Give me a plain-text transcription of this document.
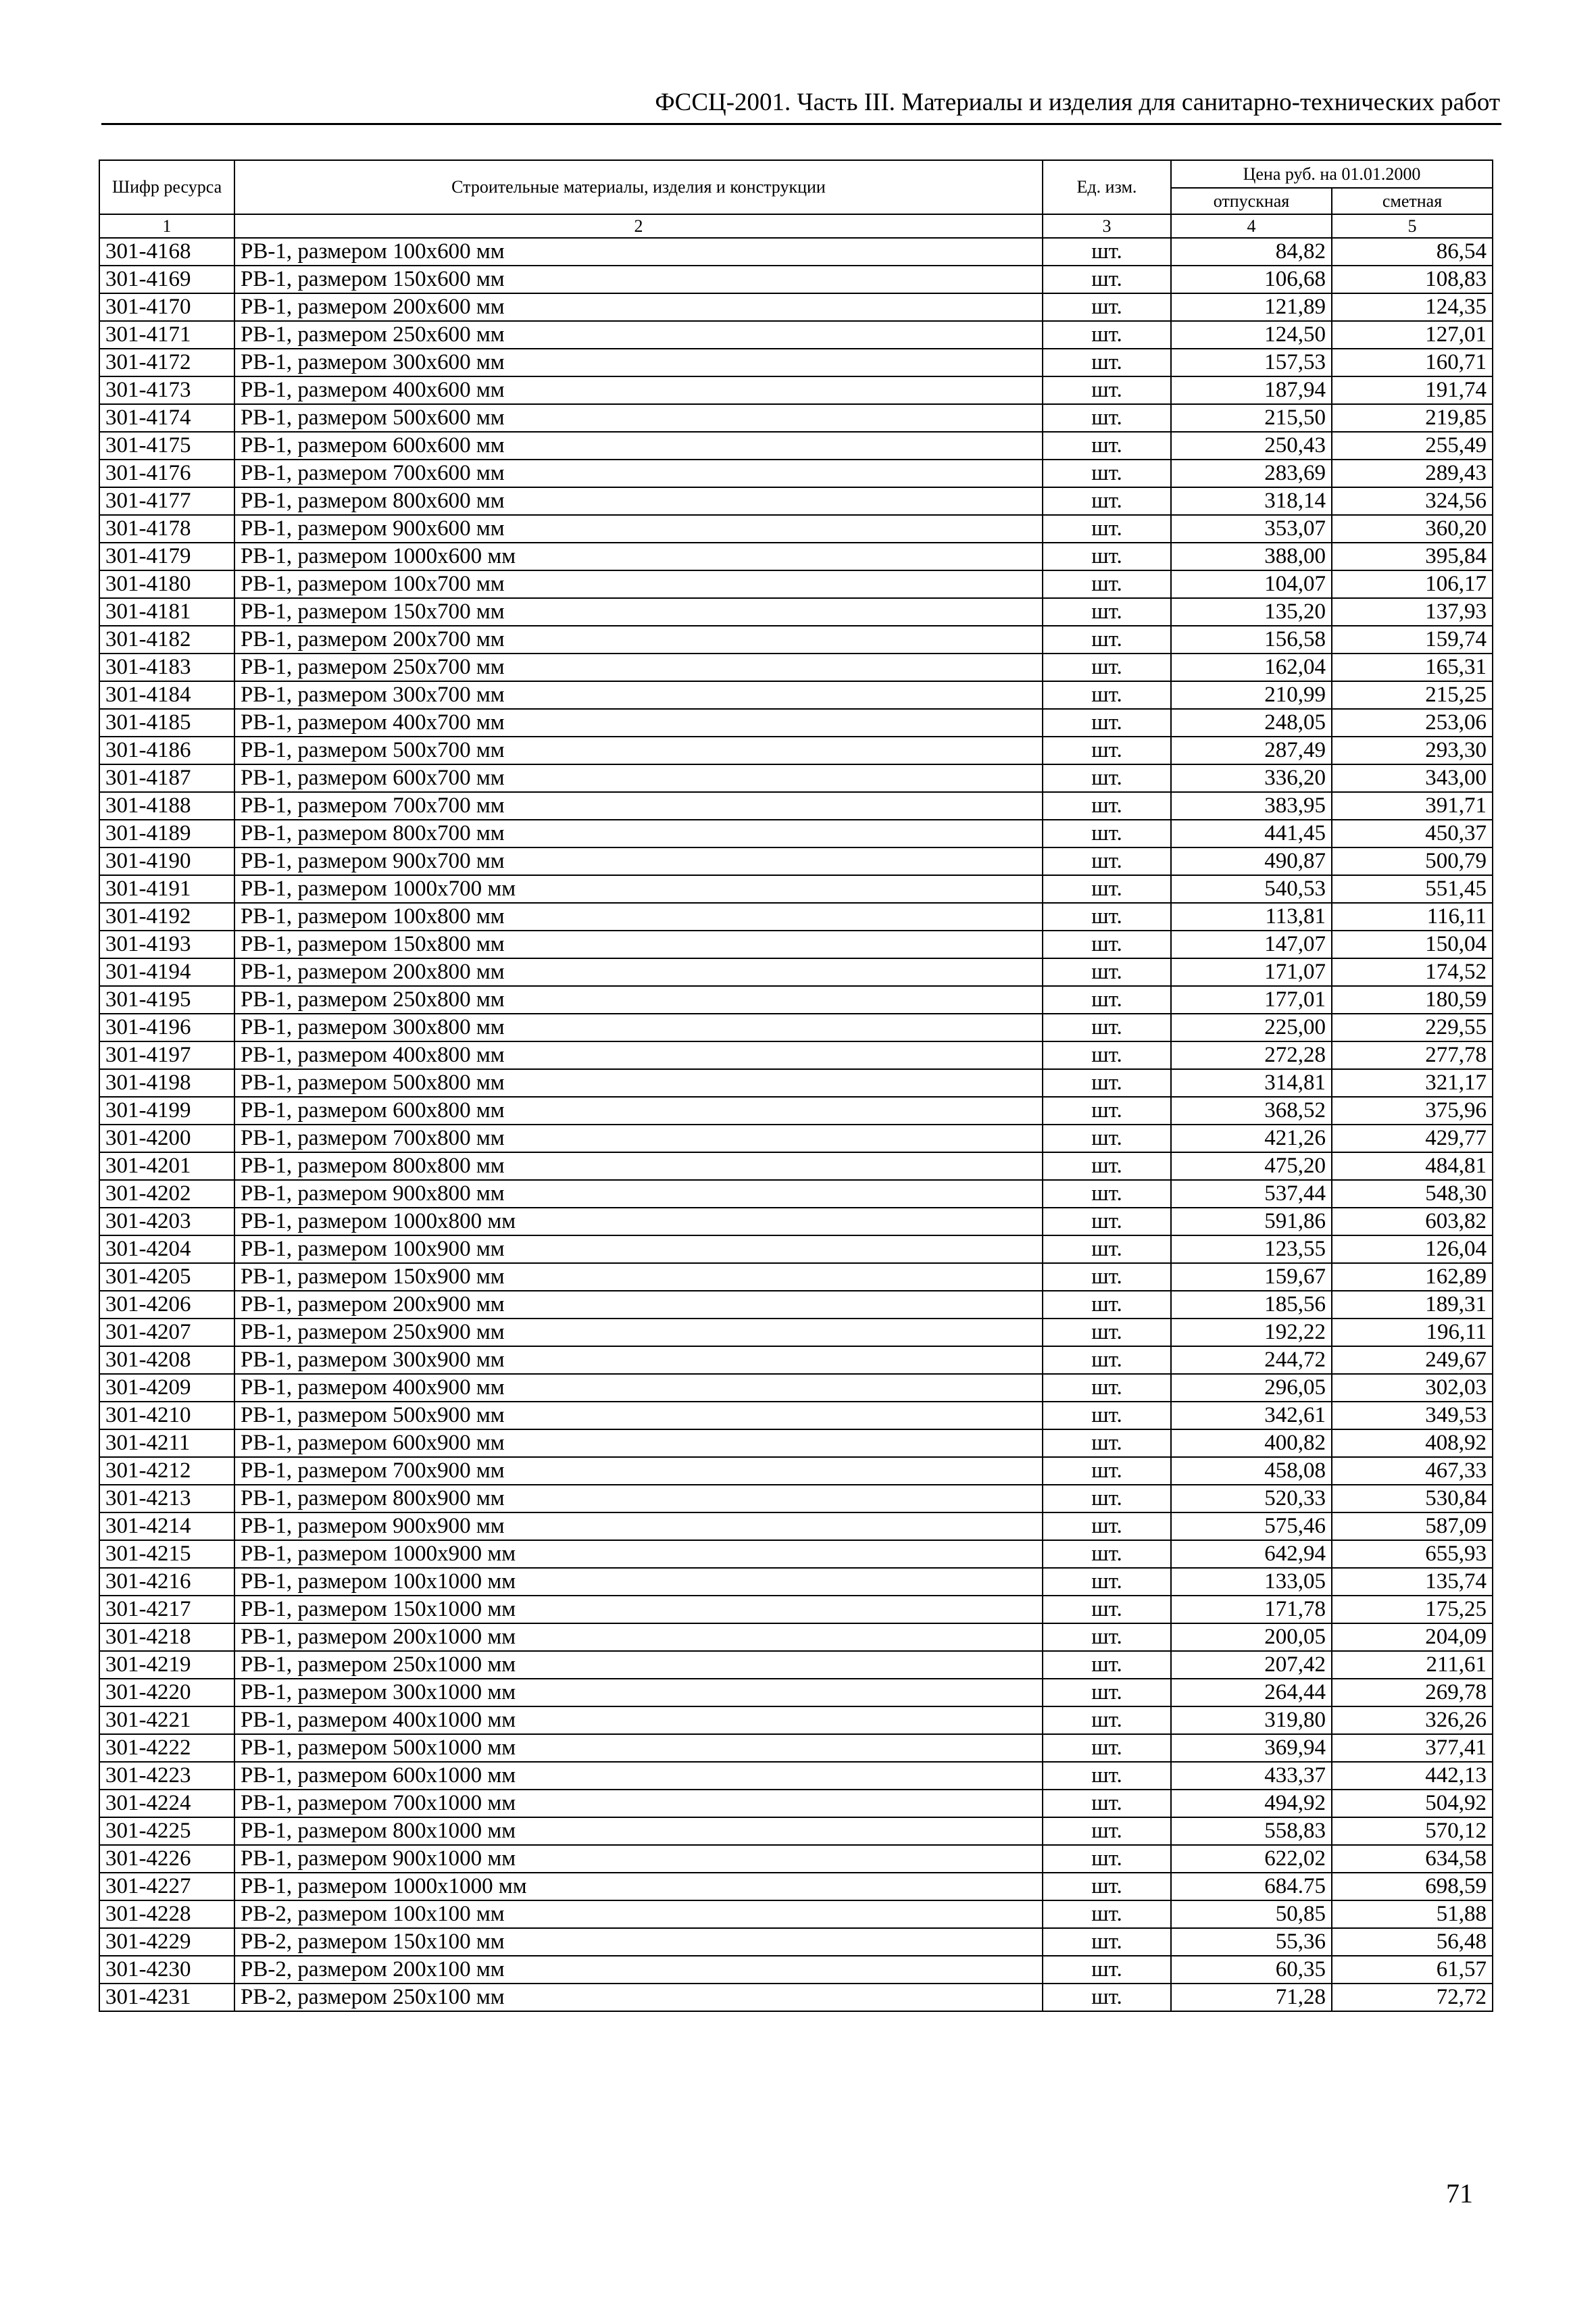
ФССЦ-2001. Часть III. Материалы и изделия для санитарно-технических работ
Шифр ресурса	Строительные материалы, изделия и конструкции	Ед. изм.	Цена руб. на 01.01.2000	
			отпускная	сметная
1	2	3	4	5
301-4168	РВ-1, размером 100x600 мм	шт.	84,82	86,54
301-4169	РВ-1, размером 150x600 мм	шт.	106,68	108,83
301-4170	РВ-1, размером 200x600 мм	шт.	121,89	124,35
301-4171	РВ-1, размером 250x600 мм	шт.	124,50	127,01
301-4172	РВ-1, размером 300x600 мм	шт.	157,53	160,71
301-4173	РВ-1, размером 400x600 мм	шт.	187,94	191,74
301-4174	РВ-1, размером 500x600 мм	шт.	215,50	219,85
301-4175	РВ-1, размером 600x600 мм	шт.	250,43	255,49
301-4176	РВ-1, размером 700x600 мм	шт.	283,69	289,43
301-4177	РВ-1, размером 800x600 мм	шт.	318,14	324,56
301-4178	РВ-1, размером 900x600 мм	шт.	353,07	360,20
301-4179	РВ-1, размером 1000x600 мм	шт.	388,00	395,84
301-4180	РВ-1, размером 100x700 мм	шт.	104,07	106,17
301-4181	РВ-1, размером 150x700 мм	шт.	135,20	137,93
301-4182	РВ-1, размером 200x700 мм	шт.	156,58	159,74
301-4183	РВ-1, размером 250x700 мм	шт.	162,04	165,31
301-4184	РВ-1, размером 300x700 мм	шт.	210,99	215,25
301-4185	РВ-1, размером 400x700 мм	шт.	248,05	253,06
301-4186	РВ-1, размером 500x700 мм	шт.	287,49	293,30
301-4187	РВ-1, размером 600x700 мм	шт.	336,20	343,00
301-4188	РВ-1, размером 700x700 мм	шт.	383,95	391,71
301-4189	РВ-1, размером 800x700 мм	шт.	441,45	450,37
301-4190	РВ-1, размером 900x700 мм	шт.	490,87	500,79
301-4191	РВ-1, размером 1000x700 мм	шт.	540,53	551,45
301-4192	РВ-1, размером 100x800 мм	шт.	113,81	116,11
301-4193	РВ-1, размером 150x800 мм	шт.	147,07	150,04
301-4194	РВ-1, размером 200x800 мм	шт.	171,07	174,52
301-4195	РВ-1, размером 250x800 мм	шт.	177,01	180,59
301-4196	РВ-1, размером 300x800 мм	шт.	225,00	229,55
301-4197	РВ-1, размером 400x800 мм	шт.	272,28	277,78
301-4198	РВ-1, размером 500x800 мм	шт.	314,81	321,17
301-4199	РВ-1, размером 600x800 мм	шт.	368,52	375,96
301-4200	РВ-1, размером 700x800 мм	шт.	421,26	429,77
301-4201	РВ-1, размером 800x800 мм	шт.	475,20	484,81
301-4202	РВ-1, размером 900x800 мм	шт.	537,44	548,30
301-4203	РВ-1, размером 1000x800 мм	шт.	591,86	603,82
301-4204	РВ-1, размером 100x900 мм	шт.	123,55	126,04
301-4205	РВ-1, размером 150x900 мм	шт.	159,67	162,89
301-4206	РВ-1, размером 200x900 мм	шт.	185,56	189,31
301-4207	РВ-1, размером 250x900 мм	шт.	192,22	196,11
301-4208	РВ-1, размером 300x900 мм	шт.	244,72	249,67
301-4209	РВ-1, размером 400x900 мм	шт.	296,05	302,03
301-4210	РВ-1, размером 500x900 мм	шт.	342,61	349,53
301-4211	РВ-1, размером 600x900 мм	шт.	400,82	408,92
301-4212	РВ-1, размером 700x900 мм	шт.	458,08	467,33
301-4213	РВ-1, размером 800x900 мм	шт.	520,33	530,84
301-4214	РВ-1, размером 900x900 мм	шт.	575,46	587,09
301-4215	РВ-1, размером 1000x900 мм	шт.	642,94	655,93
301-4216	РВ-1, размером 100x1000 мм	шт.	133,05	135,74
301-4217	РВ-1, размером 150x1000 мм	шт.	171,78	175,25
301-4218	РВ-1, размером 200x1000 мм	шт.	200,05	204,09
301-4219	РВ-1, размером 250x1000 мм	шт.	207,42	211,61
301-4220	РВ-1, размером 300x1000 мм	шт.	264,44	269,78
301-4221	РВ-1, размером 400x1000 мм	шт.	319,80	326,26
301-4222	РВ-1, размером 500x1000 мм	шт.	369,94	377,41
301-4223	РВ-1, размером 600x1000 мм	шт.	433,37	442,13
301-4224	РВ-1, размером 700x1000 мм	шт.	494,92	504,92
301-4225	РВ-1, размером 800x1000 мм	шт.	558,83	570,12
301-4226	РВ-1, размером 900x1000 мм	шт.	622,02	634,58
301-4227	РВ-1, размером 1000x1000 мм	шт.	684.75	698,59
301-4228	РВ-2, размером 100x100 мм	шт.	50,85	51,88
301-4229	РВ-2, размером 150x100 мм	шт.	55,36	56,48
301-4230	РВ-2, размером 200x100 мм	шт.	60,35	61,57
301-4231	РВ-2, размером 250x100 мм	шт.	71,28	72,72
71
